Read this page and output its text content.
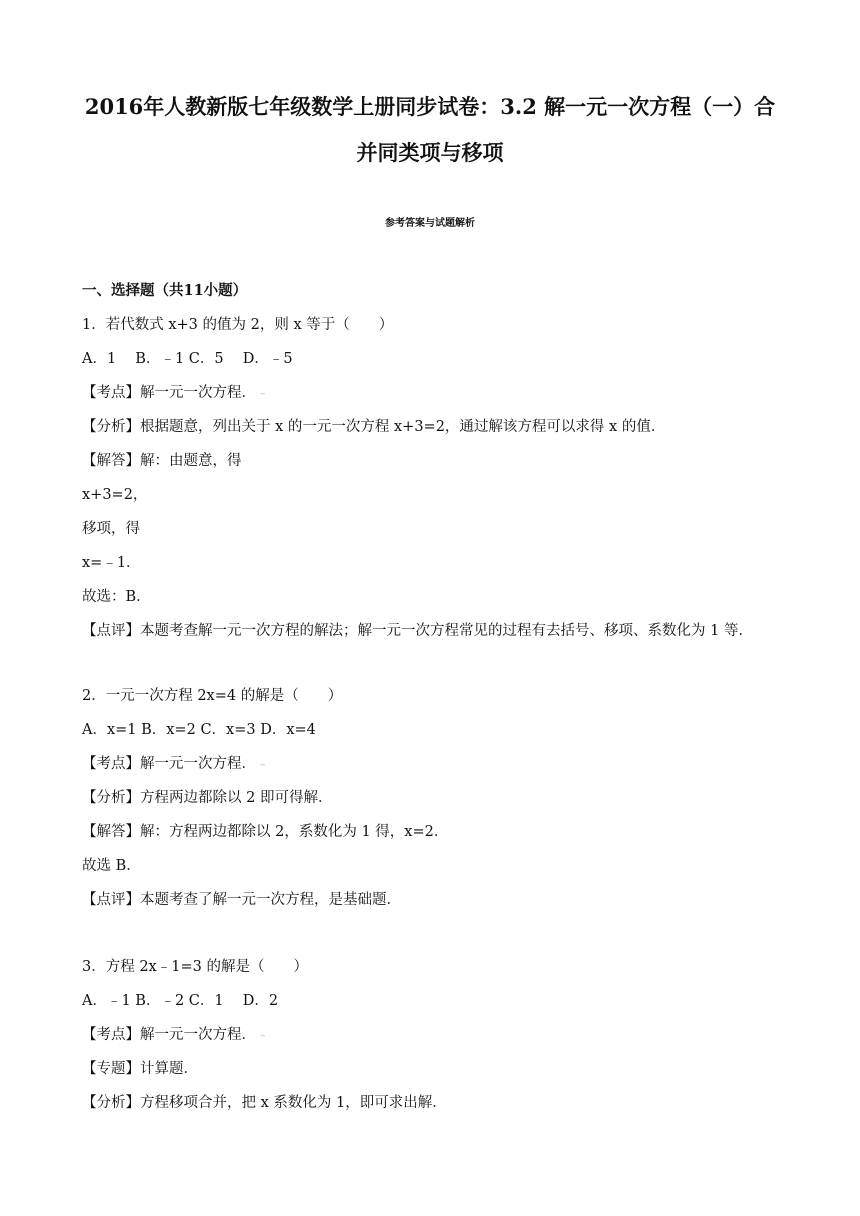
2016年人教新版七年级数学上册同步试卷：3.2 解一元一次方程（一）合
并同类项与移项
参考答案与试题解析
一、选择题（共11小题）
1．若代数式 x+3 的值为 2，则 x 等于（　　）
A．1　 B．﹣1 C．5　 D．﹣5
【考点】解一元一次方程． –
【分析】根据题意，列出关于 x 的一元一次方程 x+3=2，通过解该方程可以求得 x 的值．
【解答】解：由题意，得
x+3=2，
移项，得
x=﹣1．
故选：B．
【点评】本题考查解一元一次方程的解法；解一元一次方程常见的过程有去括号、移项、系数化为 1 等．
2．一元一次方程 2x=4 的解是（　　）
A．x=1 B．x=2 C．x=3 D．x=4
【考点】解一元一次方程． –
【分析】方程两边都除以 2 即可得解．
【解答】解：方程两边都除以 2，系数化为 1 得，x=2．
故选 B．
【点评】本题考查了解一元一次方程，是基础题．
3．方程 2x﹣1=3 的解是（　　）
A．﹣1 B．﹣2 C．1　 D．2
【考点】解一元一次方程． –
【专题】计算题．
【分析】方程移项合并，把 x 系数化为 1，即可求出解．
